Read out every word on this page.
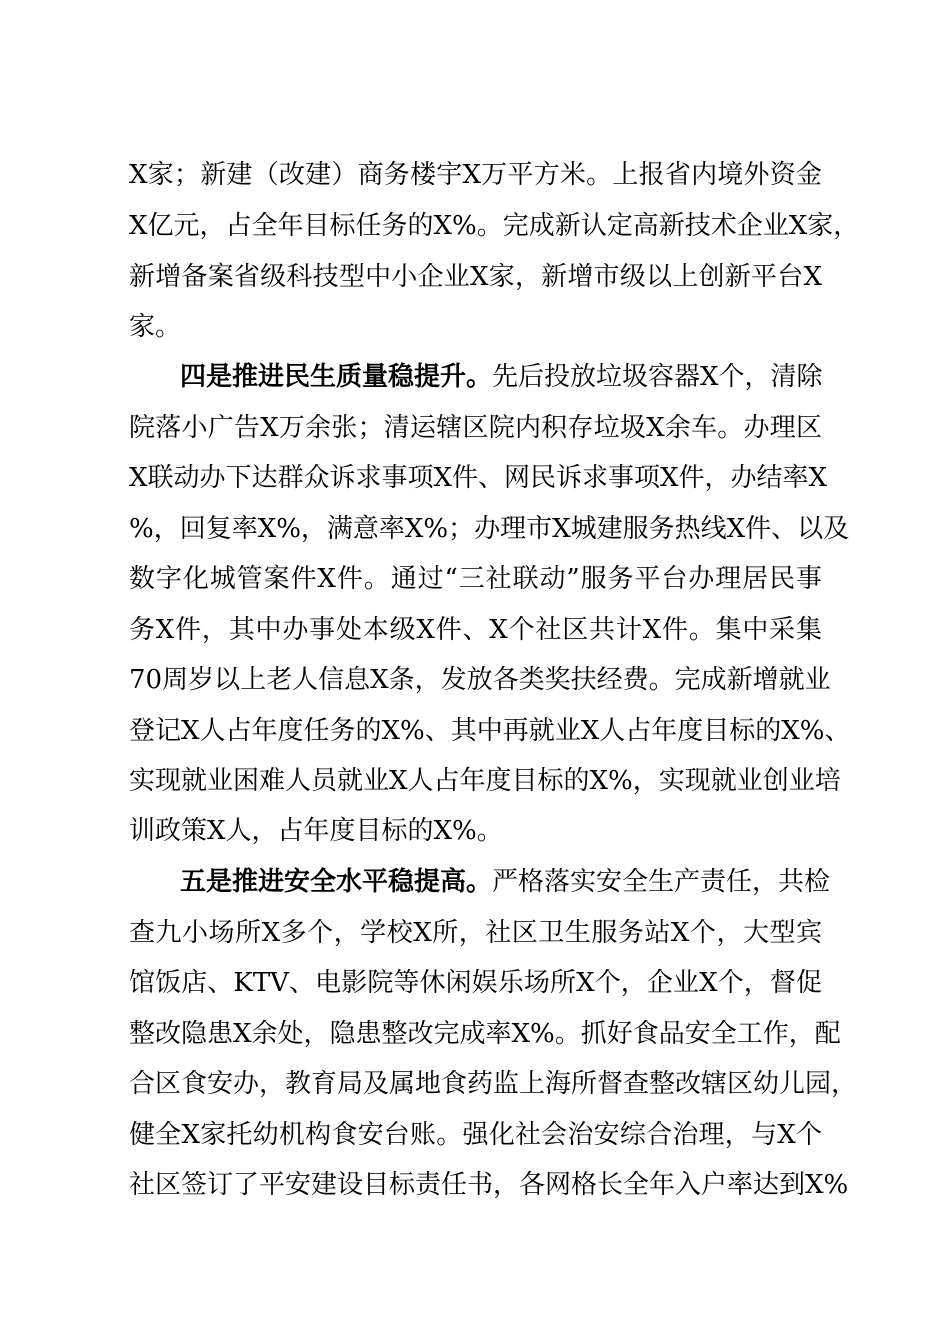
X家；新建（改建）商务楼宇X万平方米。上报省内境外资金
X亿元，占全年目标任务的X%。完成新认定高新技术企业X家，
新增备案省级科技型中小企业X家，新增市级以上创新平台X
家。
四是推进民生质量稳提升。先后投放垃圾容器X个，清除
院落小广告X万余张；清运辖区院内积存垃圾X余车。办理区
X联动办下达群众诉求事项X件、网民诉求事项X件，办结率X
%，回复率X%，满意率X%；办理市X城建服务热线X件、以及
数字化城管案件X件。通过“三社联动”服务平台办理居民事
务X件，其中办事处本级X件、X个社区共计X件。集中采集
70周岁以上老人信息X条，发放各类奖扶经费。完成新增就业
登记X人占年度任务的X%、其中再就业X人占年度目标的X%、
实现就业困难人员就业X人占年度目标的X%，实现就业创业培
训政策X人，占年度目标的X%。
五是推进安全水平稳提高。严格落实安全生产责任，共检
查九小场所X多个，学校X所，社区卫生服务站X个，大型宾
馆饭店、KTV、电影院等休闲娱乐场所X个，企业X个，督促
整改隐患X余处，隐患整改完成率X%。抓好食品安全工作，配
合区食安办，教育局及属地食药监上海所督查整改辖区幼儿园，
健全X家托幼机构食安台账。强化社会治安综合治理，与X个
社区签订了平安建设目标责任书，各网格长全年入户率达到X%
